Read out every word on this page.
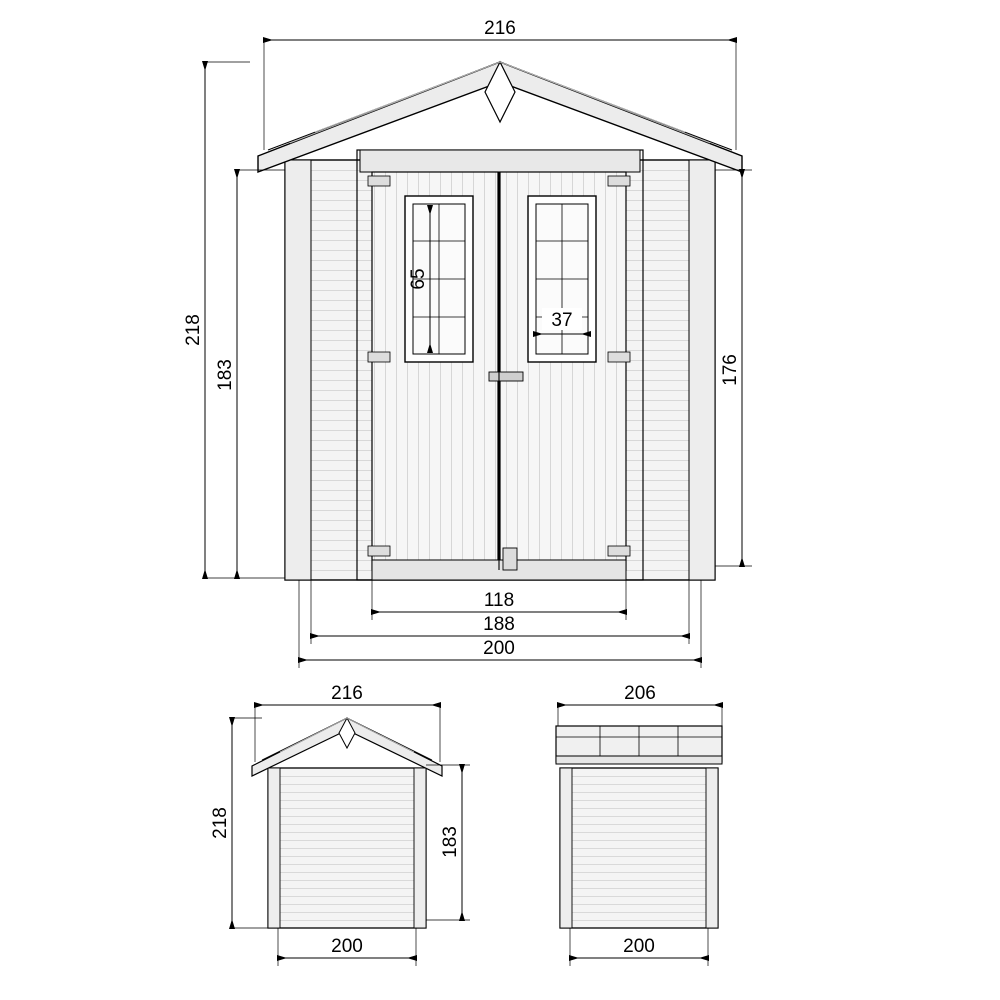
216
218
183	176
65
37
118
188
200
216
218
183
200
206
200
